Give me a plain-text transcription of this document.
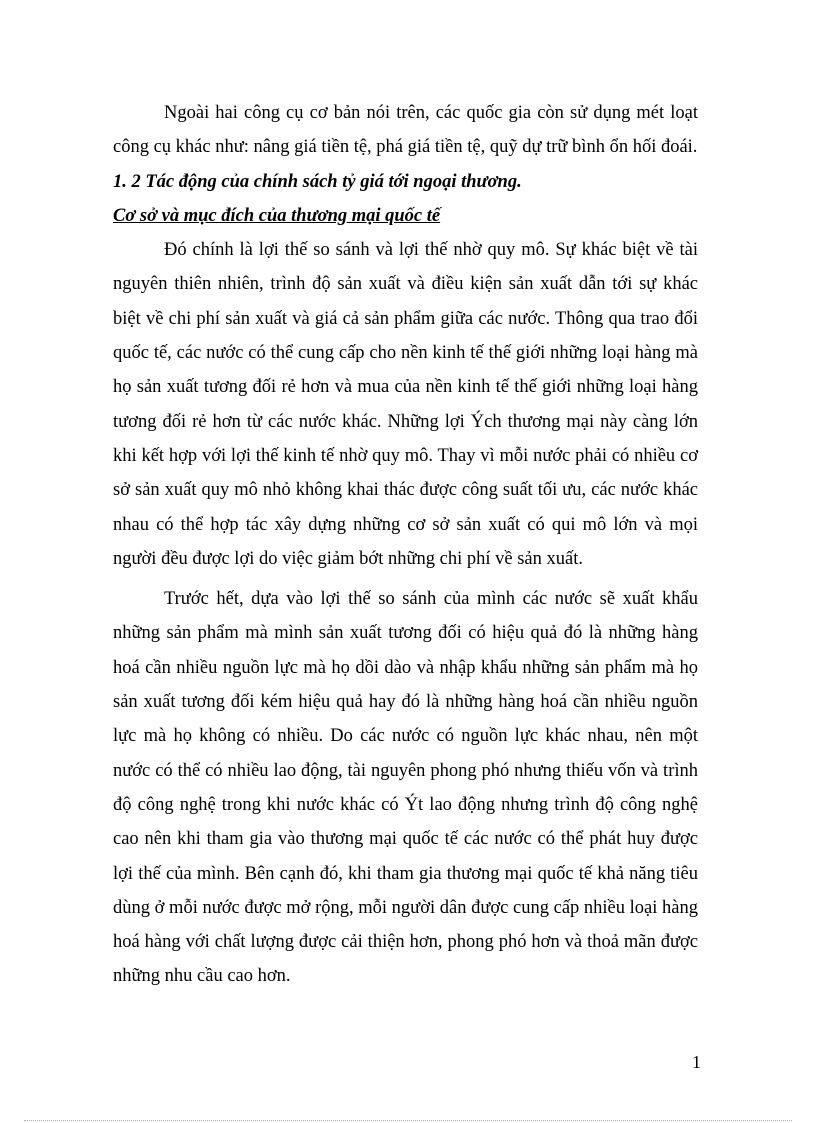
Ngoài hai công cụ cơ bản nói trên, các quốc gia còn sử dụng mét loạt công cụ khác như: nâng giá tiền tệ, phá giá tiền tệ, quỹ dự trữ bình ổn hối đoái.

1. 2 Tác động của chính sách tỷ giá tới ngoại thương.

Cơ sở và mục đích của thương mại quốc tế

Đó chính là lợi thế so sánh và lợi thế nhờ quy mô. Sự khác biệt về tài nguyên thiên nhiên, trình độ sản xuất và điều kiện sản xuất dẫn tới sự khác biệt về chi phí sản xuất và giá cả sản phẩm giữa các nước. Thông qua trao đổi quốc tế, các nước có thể cung cấp cho nền kinh tế thế giới những loại hàng mà họ sản xuất tương đối rẻ hơn và mua của nền kinh tế thế giới những loại hàng tương đối rẻ hơn từ các nước khác. Những lợi Ých thương mại này càng lớn khi kết hợp với lợi thế kinh tế nhờ quy mô. Thay vì mỗi nước phải có nhiều cơ sở sản xuất quy mô nhỏ không khai thác được công suất tối ưu, các nước khác nhau có thể hợp tác xây dựng những cơ sở sản xuất có qui mô lớn và mọi người đều được lợi do việc giảm bớt những chi phí về sản xuất.

Trước hết, dựa vào lợi thế so sánh của mình các nước sẽ xuất khẩu những sản phẩm mà mình sản xuất tương đối có hiệu quả đó là những hàng hoá cần nhiều nguồn lực mà họ dồi dào và nhập khẩu những sản phẩm mà họ sản xuất tương đối kém hiệu quả hay đó là những hàng hoá cần nhiều nguồn lực mà họ không có nhiều. Do các nước có nguồn lực khác nhau, nên một nước có thể có nhiều lao động, tài nguyên phong phó nhưng thiếu vốn và trình độ công nghệ trong khi nước khác có Ýt lao động nhưng trình độ công nghệ cao nên khi tham gia vào thương mại quốc tế các nước có thể phát huy được lợi thế của mình. Bên cạnh đó, khi tham gia thương mại quốc tế khả năng tiêu dùng ở mỗi nước được mở rộng, mỗi người dân được cung cấp nhiều loại hàng hoá hàng với chất lượng được cải thiện hơn, phong phó hơn và thoả mãn được những nhu cầu cao hơn.

1
